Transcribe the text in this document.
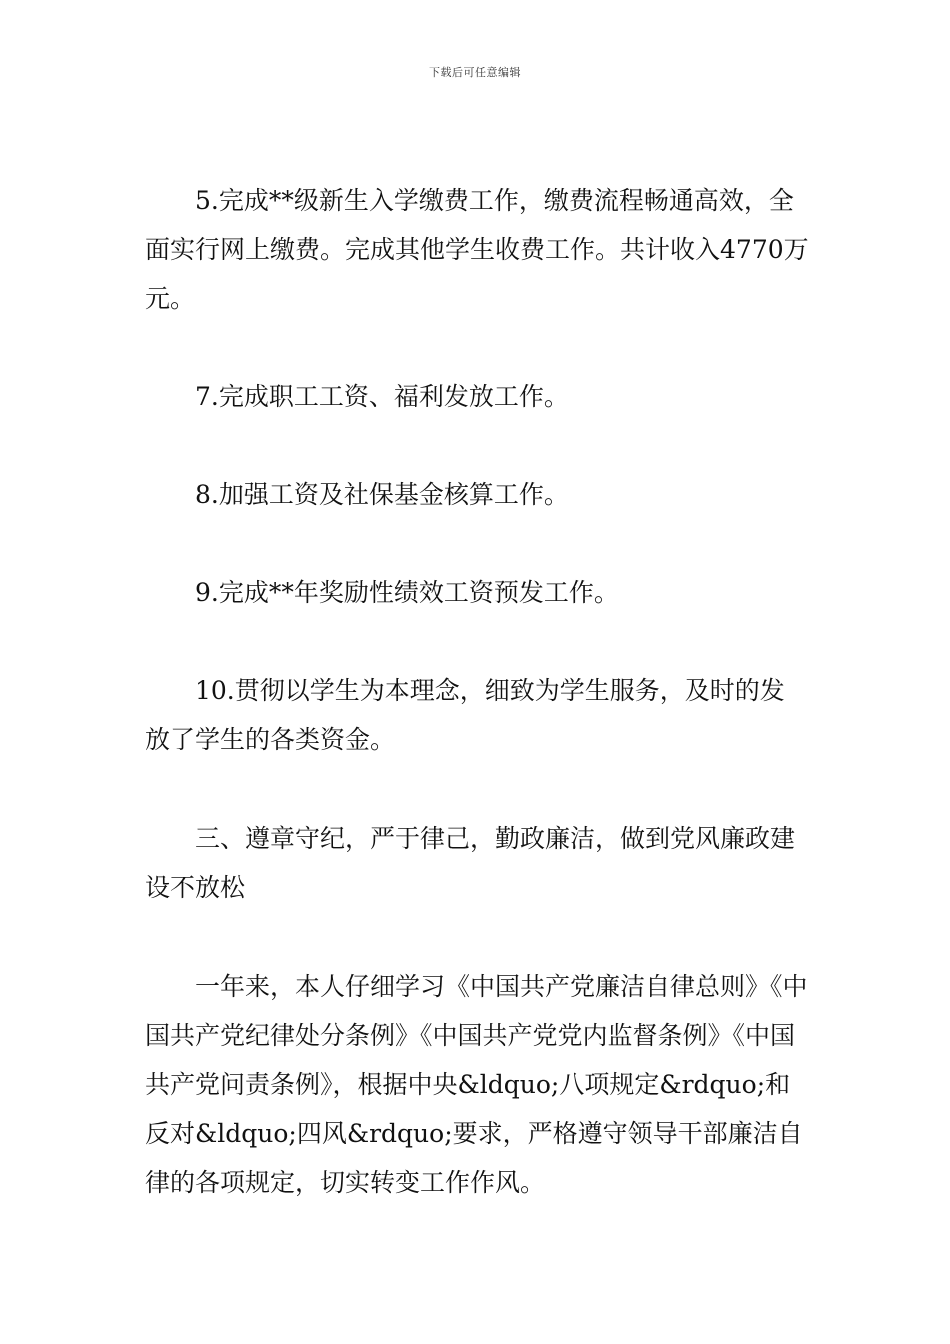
下载后可任意编辑

5.完成**级新生入学缴费工作，缴费流程畅通高效，全面实行网上缴费。完成其他学生收费工作。共计收入4770万元。

7.完成职工工资、福利发放工作。

8.加强工资及社保基金核算工作。

9.完成**年奖励性绩效工资预发工作。

10.贯彻以学生为本理念，细致为学生服务，及时的发放了学生的各类资金。

三、遵章守纪，严于律己，勤政廉洁，做到党风廉政建设不放松

一年来，本人仔细学习《中国共产党廉洁自律总则》《中国共产党纪律处分条例》《中国共产党党内监督条例》《中国共产党问责条例》，根据中央&ldquo;八项规定&rdquo;和反对&ldquo;四风&rdquo;要求，严格遵守领导干部廉洁自律的各项规定，切实转变工作作风。
